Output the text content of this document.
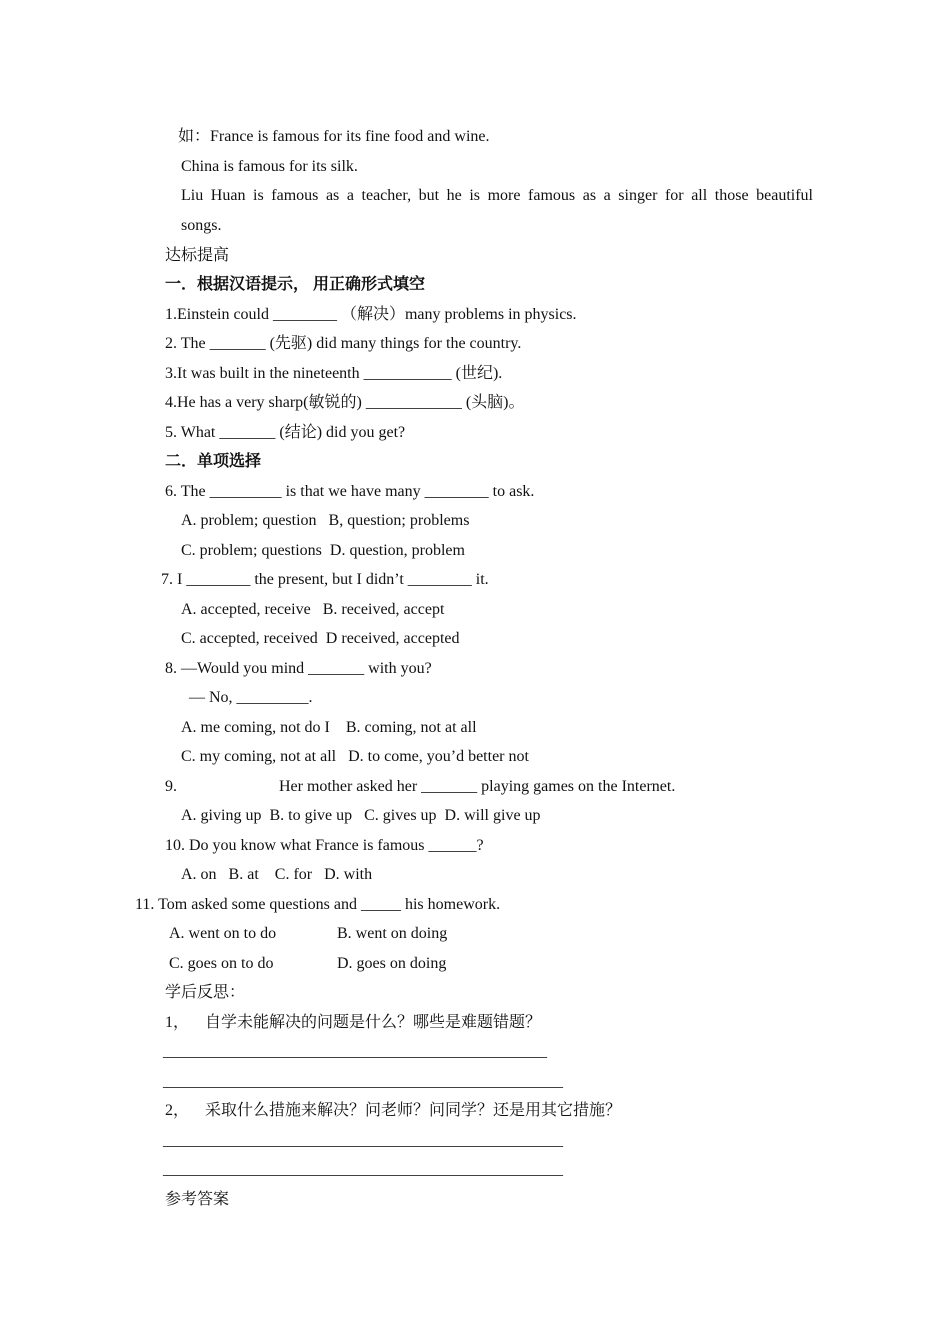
如：France is famous for its fine food and wine.
China is famous for its silk.
Liu Huan is famous as a teacher, but he is more famous as a singer for all those beautiful
songs.
达标提高
一．根据汉语提示， 用正确形式填空
1.Einstein could ________ （解决）many problems in physics.
2. The _______ (先驱) did many things for the country.
3.It was built in the nineteenth ___________ (世纪).
4.He has a very sharp(敏锐的) ____________ (头脑)。
5. What _______ (结论) did you get?
二．单项选择
6. The _________ is that we have many ________ to ask.
A. problem; question   B, question; problems
C. problem; questions  D. question, problem
7. I ________ the present, but I didn’t ________ it.
A. accepted, receive   B. received, accept
C. accepted, received  D received, accepted
8. —Would you mind _______ with you?
— No, _________.
A. me coming, not do I    B. coming, not at all
C. my coming, not at all   D. to come, you’d better not
9.	Her mother asked her _______ playing games on the Internet.
A. giving up  B. to give up   C. gives up  D. will give up
10. Do you know what France is famous ______?
A. on   B. at    C. for   D. with
11. Tom asked some questions and _____ his homework.
A. went on to do	B. went on doing
C. goes on to do	D. goes on doing
学后反思：
1，    自学未能解决的问题是什么？哪些是难题错题？
________________________________________________
__________________________________________________
2，    采取什么措施来解决？问老师？问同学？还是用其它措施？
__________________________________________________
__________________________________________________
参考答案
